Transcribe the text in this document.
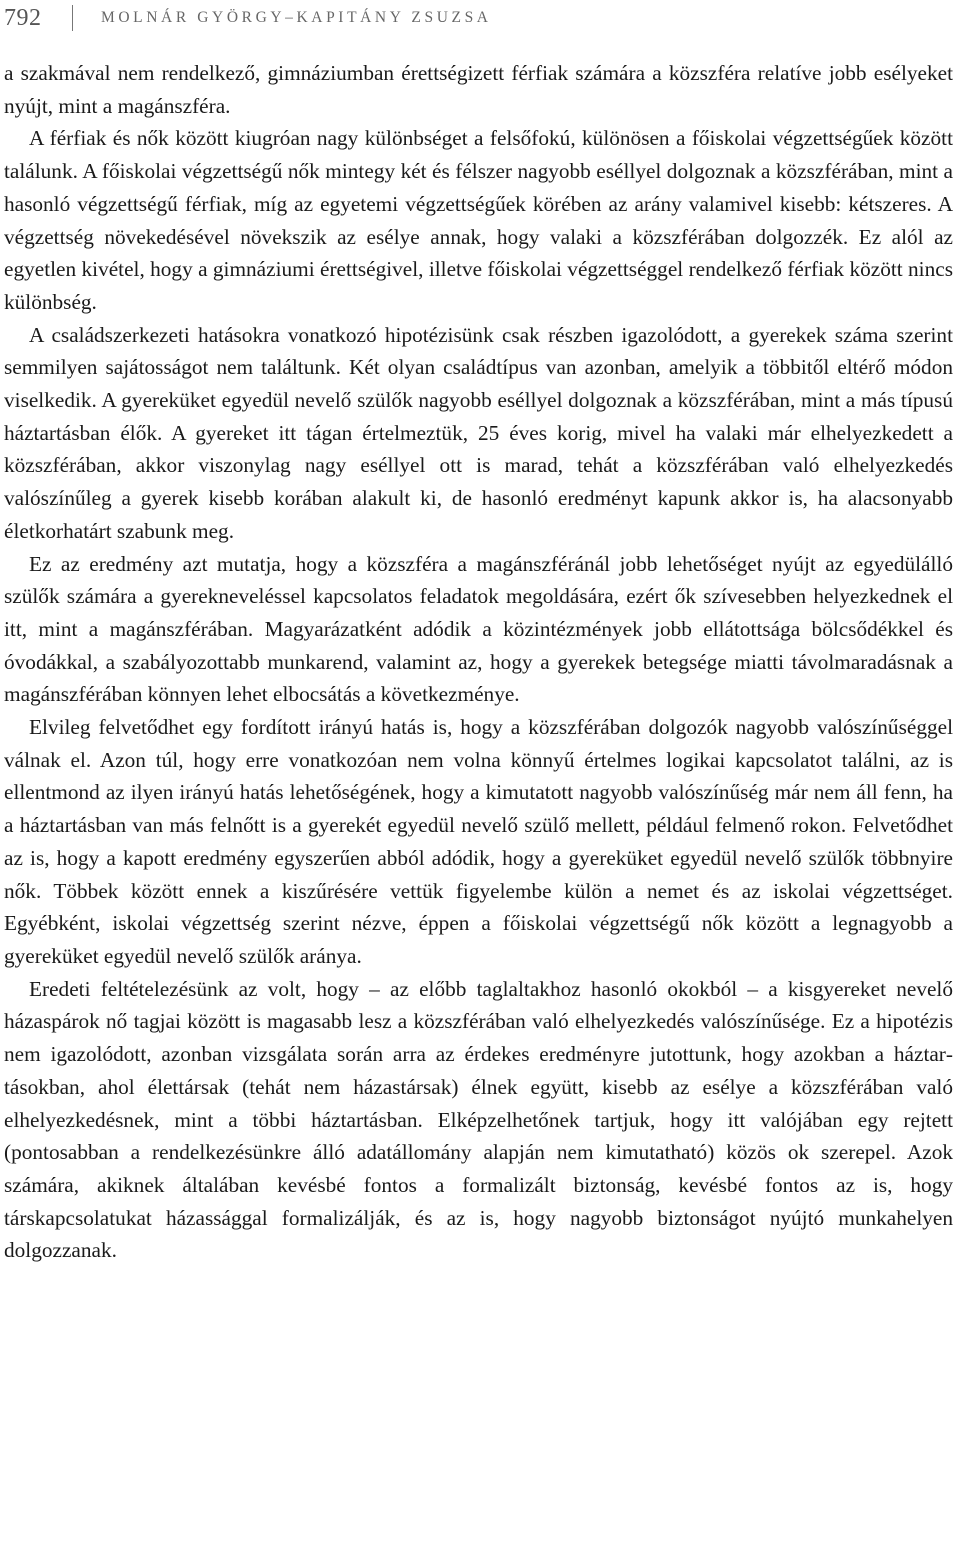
792	MOLNÁR GYÖRGY–KAPITÁNY ZSUZSA

a szakmával nem rendelkező, gimnáziumban érettségizett férfiak számára a közszféra relatíve jobb esélyeket nyújt, mint a magánszféra.

A férfiak és nők között kiugróan nagy különbséget a felsőfokú, különösen a főiskolai végzettségűek között találunk. A főiskolai végzettségű nők mintegy két és félszer nagyobb eséllyel dolgoznak a közszférában, mint a hasonló végzettségű férfiak, míg az egyetemi végzettségűek körében az arány valamivel kisebb: kétszeres. A végzettség növekedésével növekszik az esélye annak, hogy valaki a közszférában dolgozzék. Ez alól az egyetlen kivétel, hogy a gimnáziumi érettségivel, illetve főiskolai végzettséggel rendelkező férfiak között nincs különbség.

A családszerkezeti hatásokra vonatkozó hipotézisünk csak részben igazolódott, a gyerekek száma szerint semmilyen sajátosságot nem találtunk. Két olyan családtípus van azonban, amelyik a többitől eltérő módon viselkedik. A gyereküket egyedül nevelő szülők nagyobb eséllyel dolgoznak a közszférában, mint a más típusú háztartásban élők. A gyereket itt tágan értelmeztük, 25 éves korig, mivel ha valaki már elhelyezkedett a közszférában, akkor viszonylag nagy eséllyel ott is marad, tehát a közszférában való elhelyezkedés valószínűleg a gyerek kisebb korában alakult ki, de hasonló eredményt kapunk akkor is, ha alacsonyabb életkorhatárt szabunk meg.

Ez az eredmény azt mutatja, hogy a közszféra a magánszféránál jobb lehetőséget nyújt az egyedülálló szülők számára a gyerekneveléssel kapcsolatos feladatok megoldására, ezért ők szívesebben helyezkednek el itt, mint a magánszférában. Magyarázatként adódik a közintézmények jobb ellátottsága bölcsődékkel és óvodákkal, a szabályozottabb munkarend, valamint az, hogy a gyerekek betegsége miatti távolmaradásnak a magánszférában könnyen lehet elbocsátás a következménye.

Elvileg felvetődhet egy fordított irányú hatás is, hogy a közszférában dolgozók nagyobb valószínűséggel válnak el. Azon túl, hogy erre vonatkozóan nem volna könnyű értelmes logikai kapcsolatot találni, az is ellentmond az ilyen irányú hatás lehetőségének, hogy a kimutatott nagyobb valószínűség már nem áll fenn, ha a háztartásban van más felnőtt is a gyerekét egyedül nevelő szülő mellett, például felmenő rokon. Felvetődhet az is, hogy a kapott eredmény egyszerűen abból adódik, hogy a gyereküket egyedül nevelő szülők többnyire nők. Többek között ennek a kiszűrésére vettük figyelembe külön a nemet és az iskolai végzettséget. Egyébként, iskolai végzettség szerint nézve, éppen a főiskolai végzettségű nők között a legnagyobb a gyereküket egyedül nevelő szülők aránya.

Eredeti feltételezésünk az volt, hogy – az előbb taglaltakhoz hasonló okokból – a kisgyereket nevelő házaspárok nő tagjai között is magasabb lesz a közszférában való elhelyezkedés valószínűsége. Ez a hipotézis nem igazolódott, azonban vizsgálata során arra az érdekes eredményre jutottunk, hogy azokban a háztartásokban, ahol élettársak (tehát nem házastársak) élnek együtt, kisebb az esélye a közszférában való elhelyezkedésnek, mint a többi háztartásban. Elképzelhetőnek tartjuk, hogy itt valójában egy rejtett (pontosabban a rendelkezésünkre álló adatállomány alapján nem kimutatható) közös ok szerepel. Azok számára, akiknek általában kevésbé fontos a formalizált biztonság, kevésbé fontos az is, hogy társkapcsolatukat házassággal formalizálják, és az is, hogy nagyobb biztonságot nyújtó munkahelyen dolgozzanak.
